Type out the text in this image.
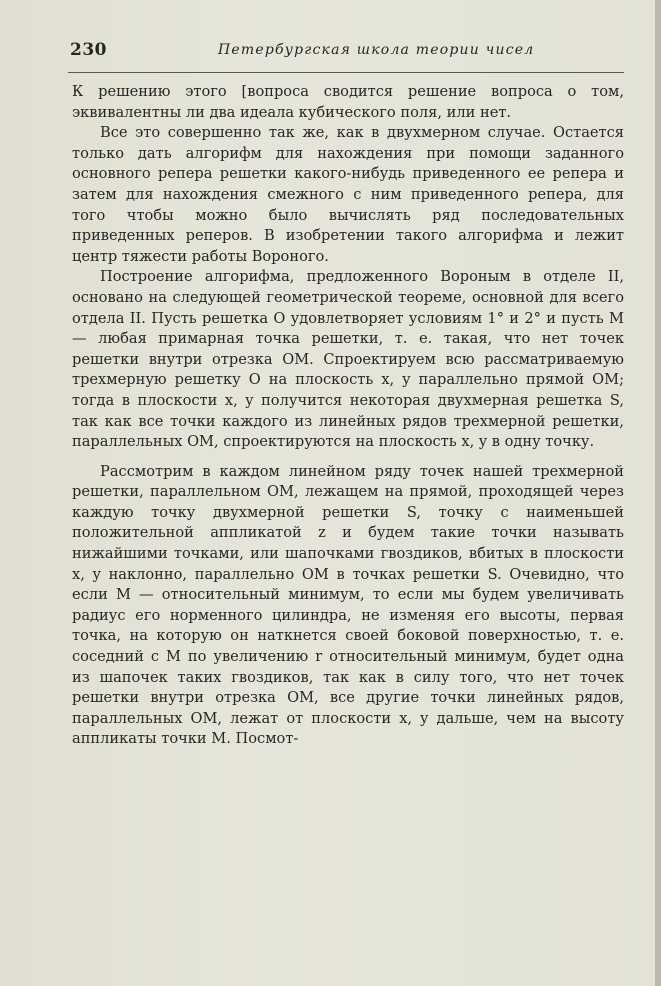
230	Петербургская школа теории чисел

К решению этого [вопроса сводится решение вопроса о том, эквивалентны ли два идеала кубического поля, или нет.

Все это совершенно так же, как в двухмерном случае. Остается только дать алгорифм для нахождения при помощи заданного основного репера решетки какого-нибудь приведенного ее репера и затем для нахождения смежного с ним приведенного репера, для того чтобы можно было вычислять ряд последовательных приведенных реперов. В изобретении такого алгорифма и лежит центр тяжести работы Вороного.

Построение алгорифма, предложенного Вороным в отделе II, основано на следующей геометрической теореме, основной для всего отдела II. Пусть решетка O удовлетворяет условиям 1° и 2° и пусть M — любая примарная точка решетки, т. е. такая, что нет точек решетки внутри отрезка OM. Спроектируем всю рассматриваемую трехмерную решетку O на плоскость x, y параллельно прямой OM; тогда в плоскости x, y получится некоторая двухмерная решетка S, так как все точки каждого из линейных рядов трехмерной решетки, параллельных OM, спроектируются на плоскость x, y в одну точку.

Рассмотрим в каждом линейном ряду точек нашей трехмерной решетки, параллельном OM, лежащем на прямой, проходящей через каждую точку двухмерной решетки S, точку с наименьшей положительной аппликатой z и будем такие точки называть нижайшими точками, или шапочками гвоздиков, вбитых в плоскости x, y наклонно, параллельно OM в точках решетки S. Очевидно, что если M — относительный минимум, то если мы будем увеличивать радиус его норменного цилиндра, не изменяя его высоты, первая точка, на которую он наткнется своей боковой поверхностью, т. е. соседний с M по увеличению r относительный минимум, будет одна из шапочек таких гвоздиков, так как в силу того, что нет точек решетки внутри отрезка OM, все другие точки линейных рядов, параллельных OM, лежат от плоскости x, y дальше, чем на высоту аппликаты точки M. Посмот-
